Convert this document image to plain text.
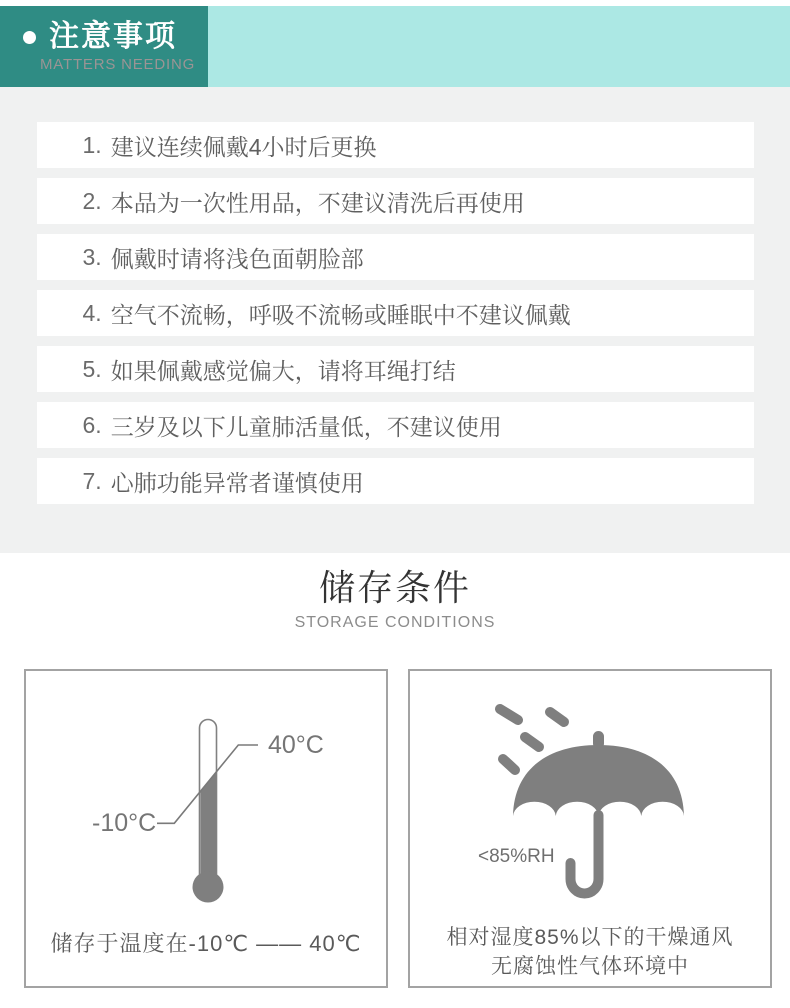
注意事项
MATTERS NEEDING
1. 建议连续佩戴4小时后更换
2. 本品为一次性用品，不建议清洗后再使用
3. 佩戴时请将浅色面朝脸部
4. 空气不流畅，呼吸不流畅或睡眠中不建议佩戴
5. 如果佩戴感觉偏大，请将耳绳打结
6. 三岁及以下儿童肺活量低，不建议使用
7. 心肺功能异常者谨慎使用
储存条件
STORAGE CONDITIONS
40°C
-10°C
储存于温度在-10℃ —— 40℃
<85%RH
相对湿度85%以下的干燥通风
无腐蚀性气体环境中
